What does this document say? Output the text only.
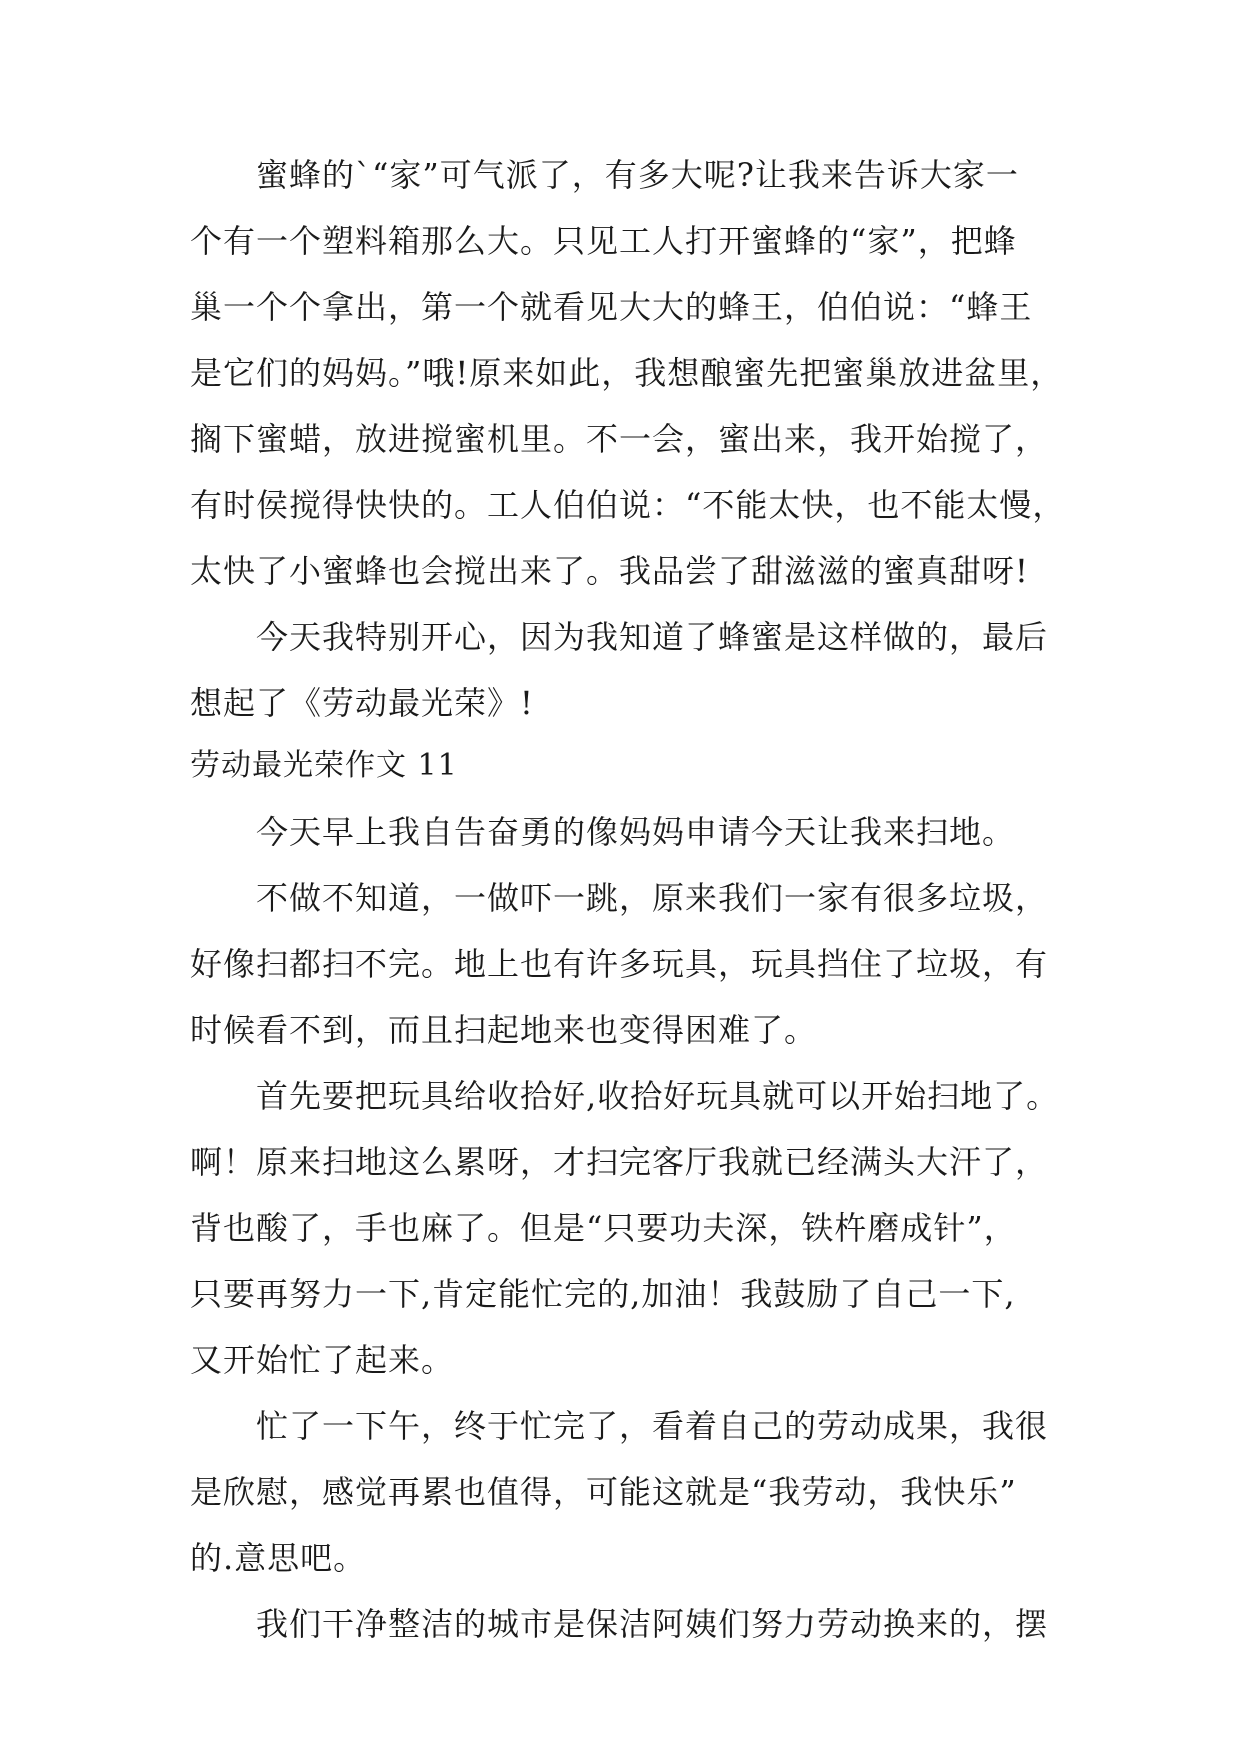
蜜蜂的`“家”可气派了，有多大呢?让我来告诉大家一
个有一个塑料箱那么大。只见工人打开蜜蜂的“家”，把蜂
巢一个个拿出，第一个就看见大大的蜂王，伯伯说：“蜂王
是它们的妈妈。”哦!原来如此，我想酿蜜先把蜜巢放进盆里，
搁下蜜蜡，放进搅蜜机里。不一会，蜜出来，我开始搅了，
有时侯搅得快快的。工人伯伯说：“不能太快，也不能太慢，
太快了小蜜蜂也会搅出来了。我品尝了甜滋滋的蜜真甜呀!
今天我特别开心，因为我知道了蜂蜜是这样做的，最后
想起了《劳动最光荣》!
劳动最光荣作文 11
今天早上我自告奋勇的像妈妈申请今天让我来扫地。
不做不知道，一做吓一跳，原来我们一家有很多垃圾，
好像扫都扫不完。地上也有许多玩具，玩具挡住了垃圾，有
时候看不到，而且扫起地来也变得困难了。
首先要把玩具给收拾好,收拾好玩具就可以开始扫地了。
啊！原来扫地这么累呀，才扫完客厅我就已经满头大汗了，
背也酸了，手也麻了。但是“只要功夫深，铁杵磨成针”，
只要再努力一下,肯定能忙完的,加油！我鼓励了自己一下,
又开始忙了起来。
忙了一下午，终于忙完了，看着自己的劳动成果，我很
是欣慰，感觉再累也值得，可能这就是“我劳动，我快乐”
的.意思吧。
我们干净整洁的城市是保洁阿姨们努力劳动换来的，摆
